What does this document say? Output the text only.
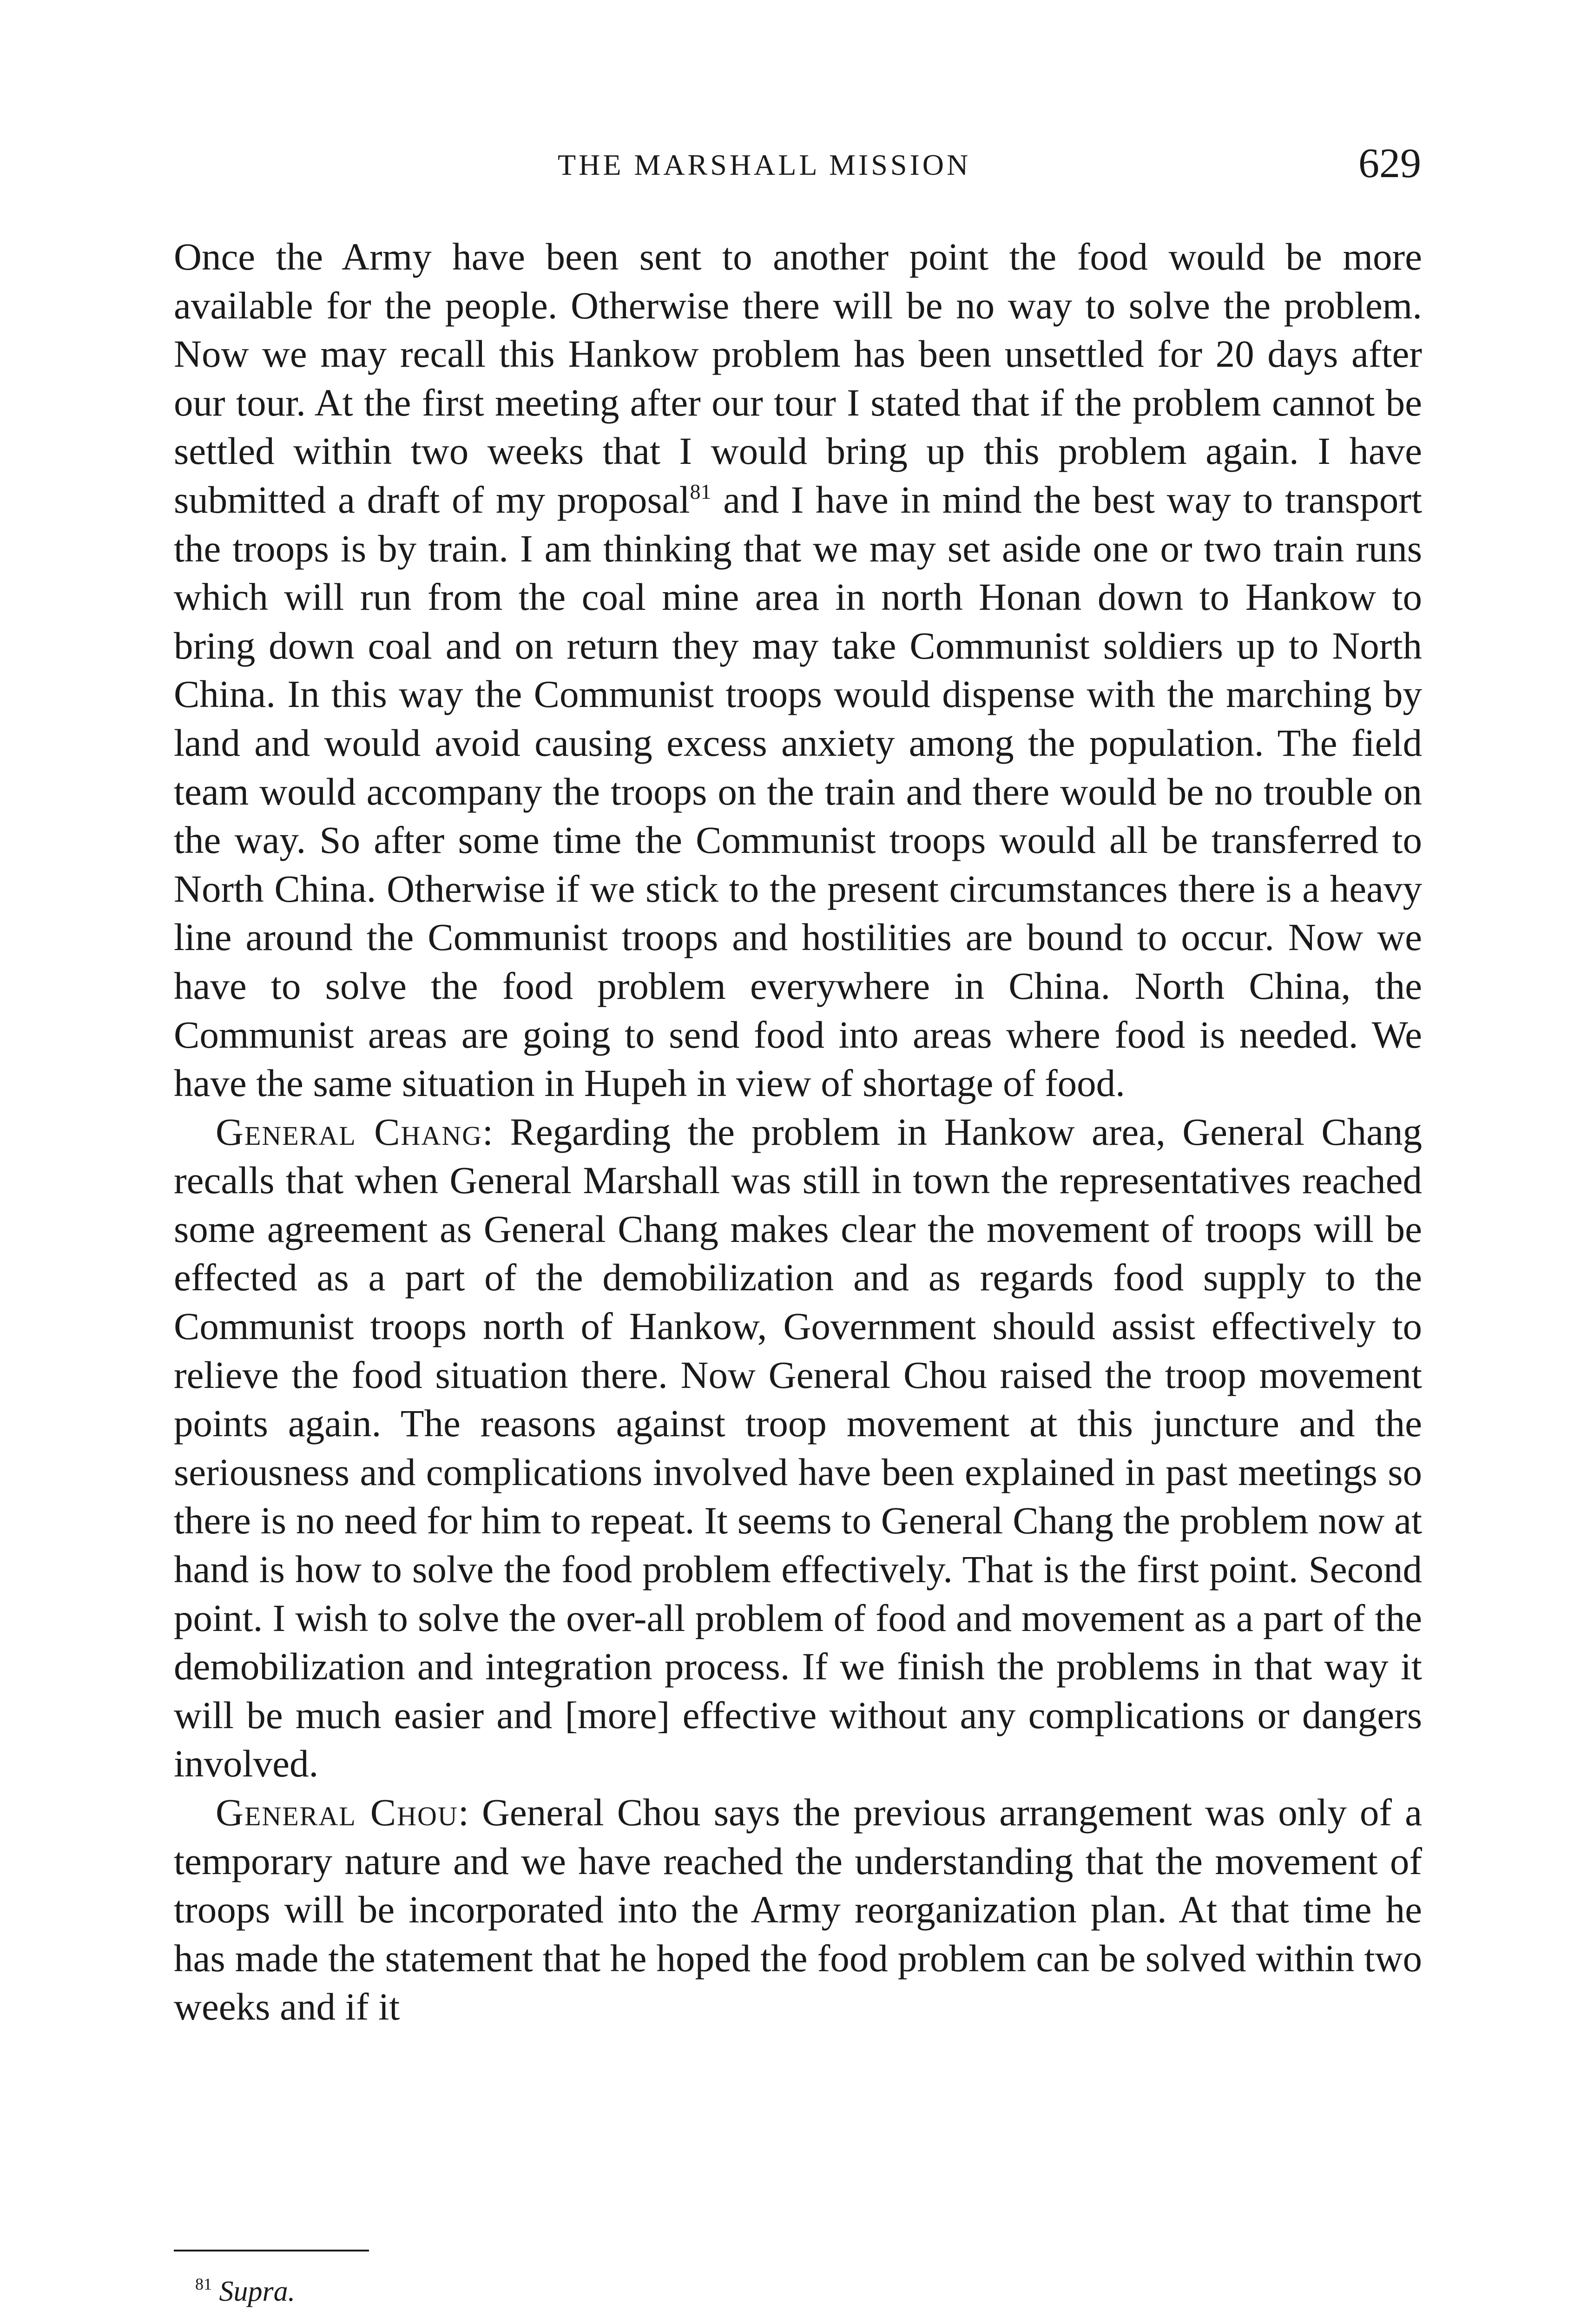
THE MARSHALL MISSION	629

Once the Army have been sent to another point the food would be more available for the people. Otherwise there will be no way to solve the problem. Now we may recall this Hankow problem has been unsettled for 20 days after our tour. At the first meeting after our tour I stated that if the problem cannot be settled within two weeks that I would bring up this problem again. I have submitted a draft of my proposal$^{81}$ and I have in mind the best way to transport the troops is by train. I am thinking that we may set aside one or two train runs which will run from the coal mine area in north Honan down to Hankow to bring down coal and on return they may take Communist soldiers up to North China. In this way the Communist troops would dispense with the marching by land and would avoid causing excess anxiety among the population. The field team would accompany the troops on the train and there would be no trouble on the way. So after some time the Communist troops would all be transferred to North China. Otherwise if we stick to the present circumstances there is a heavy line around the Communist troops and hostilities are bound to occur. Now we have to solve the food problem everywhere in China. North China, the Communist areas are going to send food into areas where food is needed. We have the same situation in Hupeh in view of shortage of food.

General Chang: Regarding the problem in Hankow area, General Chang recalls that when General Marshall was still in town the representatives reached some agreement as General Chang makes clear the movement of troops will be effected as a part of the demobilization and as regards food supply to the Communist troops north of Hankow, Government should assist effectively to relieve the food situation there. Now General Chou raised the troop movement points again. The reasons against troop movement at this juncture and the seriousness and complications involved have been explained in past meetings so there is no need for him to repeat. It seems to General Chang the problem now at hand is how to solve the food problem effectively. That is the first point. Second point. I wish to solve the over-all problem of food and movement as a part of the demobilization and integration process. If we finish the problems in that way it will be much easier and [more] effective without any complications or dangers involved.

General Chou: General Chou says the previous arrangement was only of a temporary nature and we have reached the understanding that the movement of troops will be incorporated into the Army reorganization plan. At that time he has made the statement that he hoped the food problem can be solved within two weeks and if it

$^{81}$ Supra.
